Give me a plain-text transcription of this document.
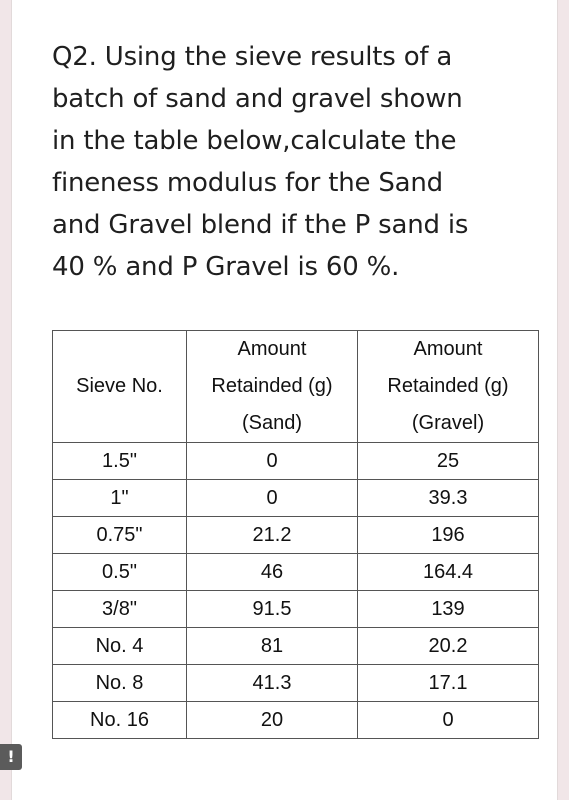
Q2. Using the sieve results of a
batch of sand and gravel shown
in the table below,calculate the
fineness modulus for the Sand
and Gravel blend if the P sand is
40 % and P Gravel is 60 %.

	Amount	Amount
Sieve No.	Retainded (g)	Retainded (g)
	(Sand)	(Gravel)
1.5"	0	25
1"	0	39.3
0.75"	21.2	196
0.5"	46	164.4
3/8"	91.5	139
No. 4	81	20.2
No. 8	41.3	17.1
No. 16	20	0
!
